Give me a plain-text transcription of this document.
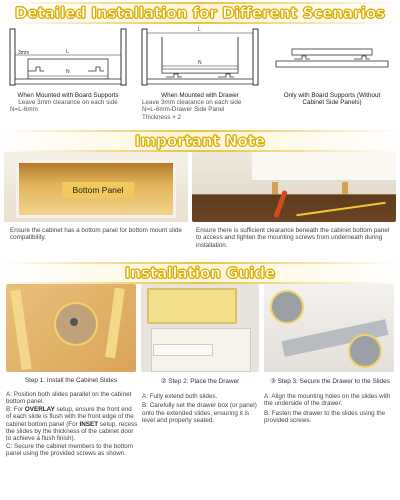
Detailed Installation for Different Scenarios
3mm
N
L
N
L
When Mounted with Board Supports
Leave 3mm clearance on each side
N=L-6mm
When Mounted with Drawer
Leave 3mm clearance on each side
N=L-6mm-Drawer Side Panel
Thickness × 2
Only with Board Supports (Without
Cabinet Side Panels)
Important Note
Bottom Panel
Ensure the cabinet has a bottom panel for bottom mount slide compatibility.
Ensure there is sufficient clearance beneath the cabinet bottom panel to access and tighten the mounting screws from underneath during installation.
Installation Guide
Step 1: Install the Cabinet Slides	② Step 2: Place the Drawer	③ Step 3: Secure the Drawer to the Slides
A: Position both slides parallel on the cabinet bottom panel.
B: For OVERLAY setup, ensure the front end of each slide is flush with the front edge of the cabinet bottom panel (For INSET setup, recess the slides by the thickness of the cabinet door to achieve a flush finish).
C: Secure the cabinet members to the bottom panel using the provided screws as shown.
A: Fully extend both slides.
B: Carefully set the drawer box (or panel) onto the extended slides, ensuring it is level and properly seated.
A: Align the mounting holes on the slides with the underside of the drawer.
B: Fasten the drawer to the slides using the provided screws.
